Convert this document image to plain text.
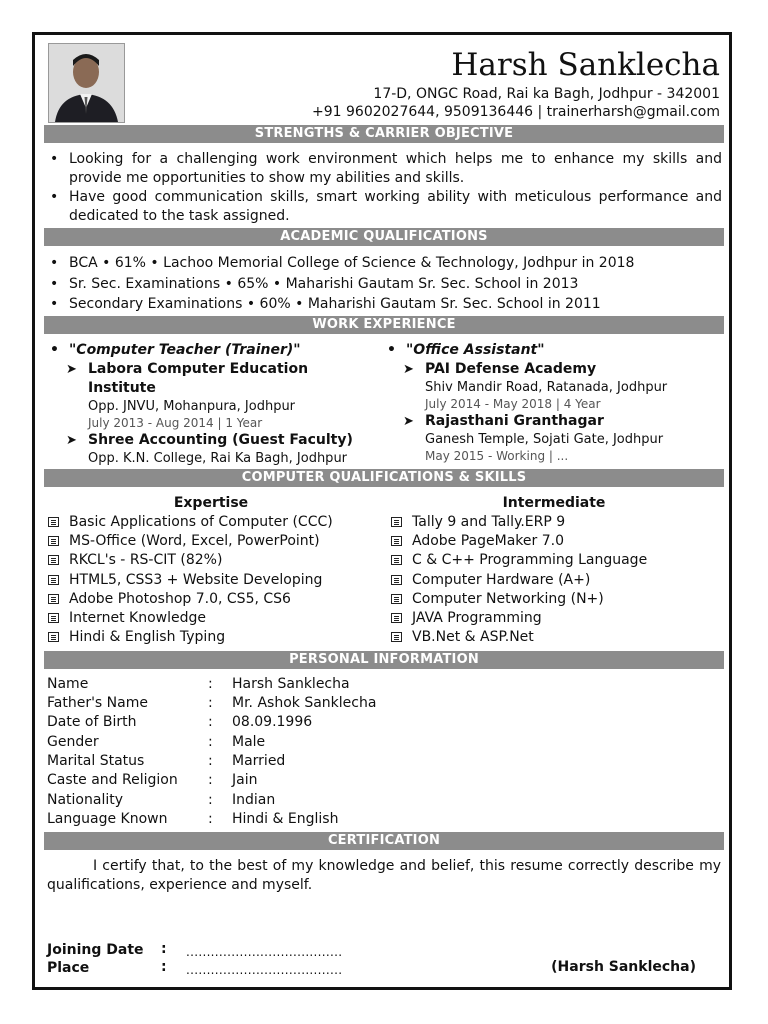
Harsh Sanklecha
17-D, ONGC Road, Rai ka Bagh, Jodhpur - 342001
+91 9602027644, 9509136446 | trainerharsh@gmail.com
STRENGTHS & CARRIER OBJECTIVE
• Looking for a challenging work environment which helps me to enhance my skills and provide me opportunities to show my abilities and skills.
• Have good communication skills, smart working ability with meticulous performance and dedicated to the task assigned.
ACADEMIC QUALIFICATIONS
• BCA • 61% • Lachoo Memorial College of Science & Technology, Jodhpur in 2018
• Sr. Sec. Examinations • 65% • Maharishi Gautam Sr. Sec. School in 2013
• Secondary Examinations • 60% • Maharishi Gautam Sr. Sec. School in 2011
WORK EXPERIENCE
• "Computer Teacher (Trainer)"
➤ Labora Computer Education Institute
Opp. JNVU, Mohanpura, Jodhpur
July 2013 - Aug 2014 | 1 Year
➤ Shree Accounting (Guest Faculty)
Opp. K.N. College, Rai Ka Bagh, Jodhpur
• "Office Assistant"
➤ PAI Defense Academy
Shiv Mandir Road, Ratanada, Jodhpur
July 2014 - May 2018 | 4 Year
➤ Rajasthani Granthagar
Ganesh Temple, Sojati Gate, Jodhpur
May 2015 - Working | ...
COMPUTER QUALIFICATIONS & SKILLS
Expertise
Basic Applications of Computer (CCC)
MS-Office (Word, Excel, PowerPoint)
RKCL's - RS-CIT (82%)
HTML5, CSS3 + Website Developing
Adobe Photoshop 7.0, CS5, CS6
Internet Knowledge
Hindi & English Typing
Intermediate
Tally 9 and Tally.ERP 9
Adobe PageMaker 7.0
C & C++ Programming Language
Computer Hardware (A+)
Computer Networking (N+)
JAVA Programming
VB.Net & ASP.Net
PERSONAL INFORMATION
Name	: Harsh Sanklecha
Father's Name	: Mr. Ashok Sanklecha
Date of Birth	: 08.09.1996
Gender	: Male
Marital Status	: Married
Caste and Religion : Jain
Nationality	: Indian
Language Known	: Hindi & English
CERTIFICATION
I certify that, to the best of my knowledge and belief, this resume correctly describe my qualifications, experience and myself.
Joining Date : ......................................
Place	: ......................................	(Harsh Sanklecha)
